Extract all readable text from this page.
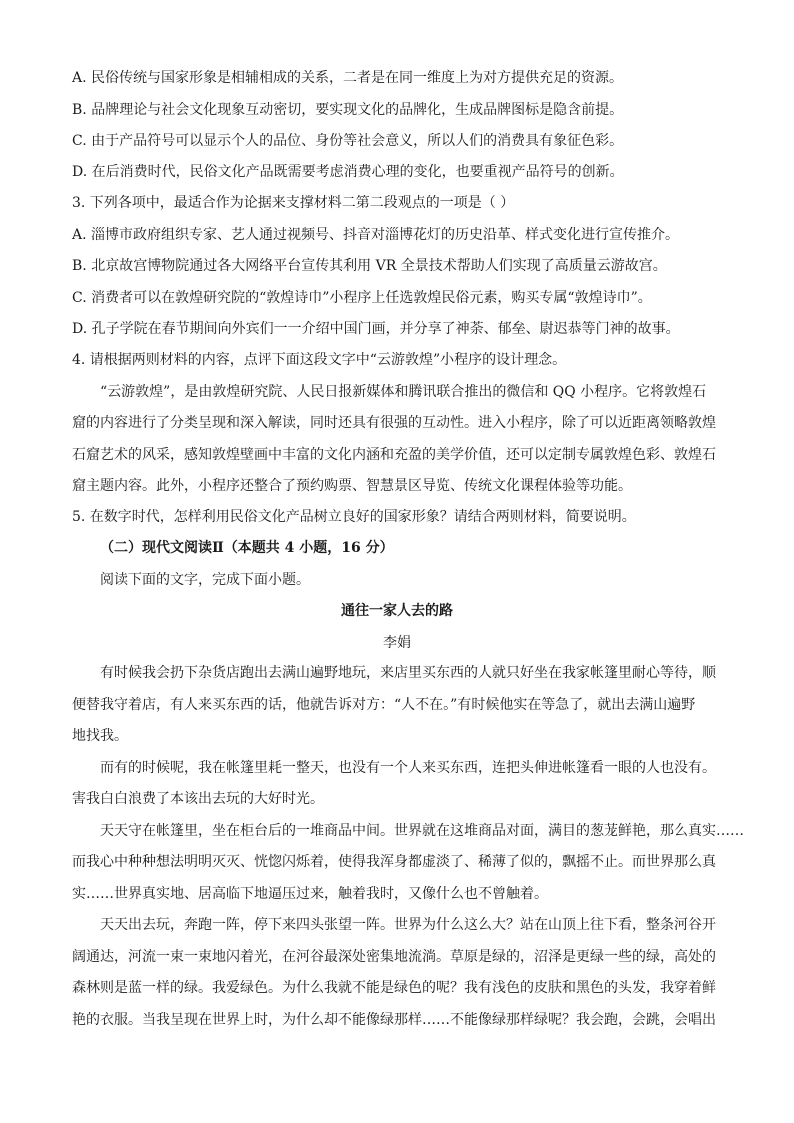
A. 民俗传统与国家形象是相辅相成的关系，二者是在同一维度上为对方提供充足的资源。
B. 品牌理论与社会文化现象互动密切，要实现文化的品牌化，生成品牌图标是隐含前提。
C. 由于产品符号可以显示个人的品位、身份等社会意义，所以人们的消费具有象征色彩。
D. 在后消费时代，民俗文化产品既需要考虑消费心理的变化，也要重视产品符号的创新。
3. 下列各项中，最适合作为论据来支撑材料二第二段观点的一项是（ ）
A. 淄博市政府组织专家、艺人通过视频号、抖音对淄博花灯的历史沿革、样式变化进行宣传推介。
B. 北京故宫博物院通过各大网络平台宣传其利用 VR 全景技术帮助人们实现了高质量云游故宫。
C. 消费者可以在敦煌研究院的“敦煌诗巾”小程序上任选敦煌民俗元素，购买专属“敦煌诗巾”。
D. 孔子学院在春节期间向外宾们一一介绍中国门画，并分享了神荼、郁垒、尉迟恭等门神的故事。
4. 请根据两则材料的内容，点评下面这段文字中“云游敦煌”小程序的设计理念。
“云游敦煌”，是由敦煌研究院、人民日报新媒体和腾讯联合推出的微信和 QQ 小程序。它将敦煌石
窟的内容进行了分类呈现和深入解读，同时还具有很强的互动性。进入小程序，除了可以近距离领略敦煌
石窟艺术的风采，感知敦煌壁画中丰富的文化内涵和充盈的美学价值，还可以定制专属敦煌色彩、敦煌石
窟主题内容。此外，小程序还整合了预约购票、智慧景区导览、传统文化课程体验等功能。
5. 在数字时代，怎样利用民俗文化产品树立良好的国家形象？请结合两则材料，简要说明。
（二）现代文阅读Ⅱ（本题共 4 小题，16 分）
阅读下面的文字，完成下面小题。
通往一家人去的路
李娟
有时候我会扔下杂货店跑出去满山遍野地玩，来店里买东西的人就只好坐在我家帐篷里耐心等待，顺
便替我守着店，有人来买东西的话，他就告诉对方：“人不在。”有时候他实在等急了，就出去满山遍野
地找我。
而有的时候呢，我在帐篷里耗一整天，也没有一个人来买东西，连把头伸进帐篷看一眼的人也没有。
害我白白浪费了本该出去玩的大好时光。
天天守在帐篷里，坐在柜台后的一堆商品中间。世界就在这堆商品对面，满目的葱茏鲜艳，那么真实……
而我心中种种想法明明灭灭、恍惚闪烁着，使得我浑身都虚淡了、稀薄了似的，飘摇不止。而世界那么真
实……世界真实地、居高临下地逼压过来，触着我时，又像什么也不曾触着。
天天出去玩，奔跑一阵，停下来四头张望一阵。世界为什么这么大？站在山顶上往下看，整条河谷开
阔通达，河流一束一束地闪着光，在河谷最深处密集地流淌。草原是绿的，沼泽是更绿一些的绿，高处的
森林则是蓝一样的绿。我爱绿色。为什么我就不能是绿色的呢？我有浅色的皮肤和黑色的头发，我穿着鲜
艳的衣服。当我呈现在世界上时，为什么却不能像绿那样……不能像绿那样绿呢？我会跑，会跳，会唱出
